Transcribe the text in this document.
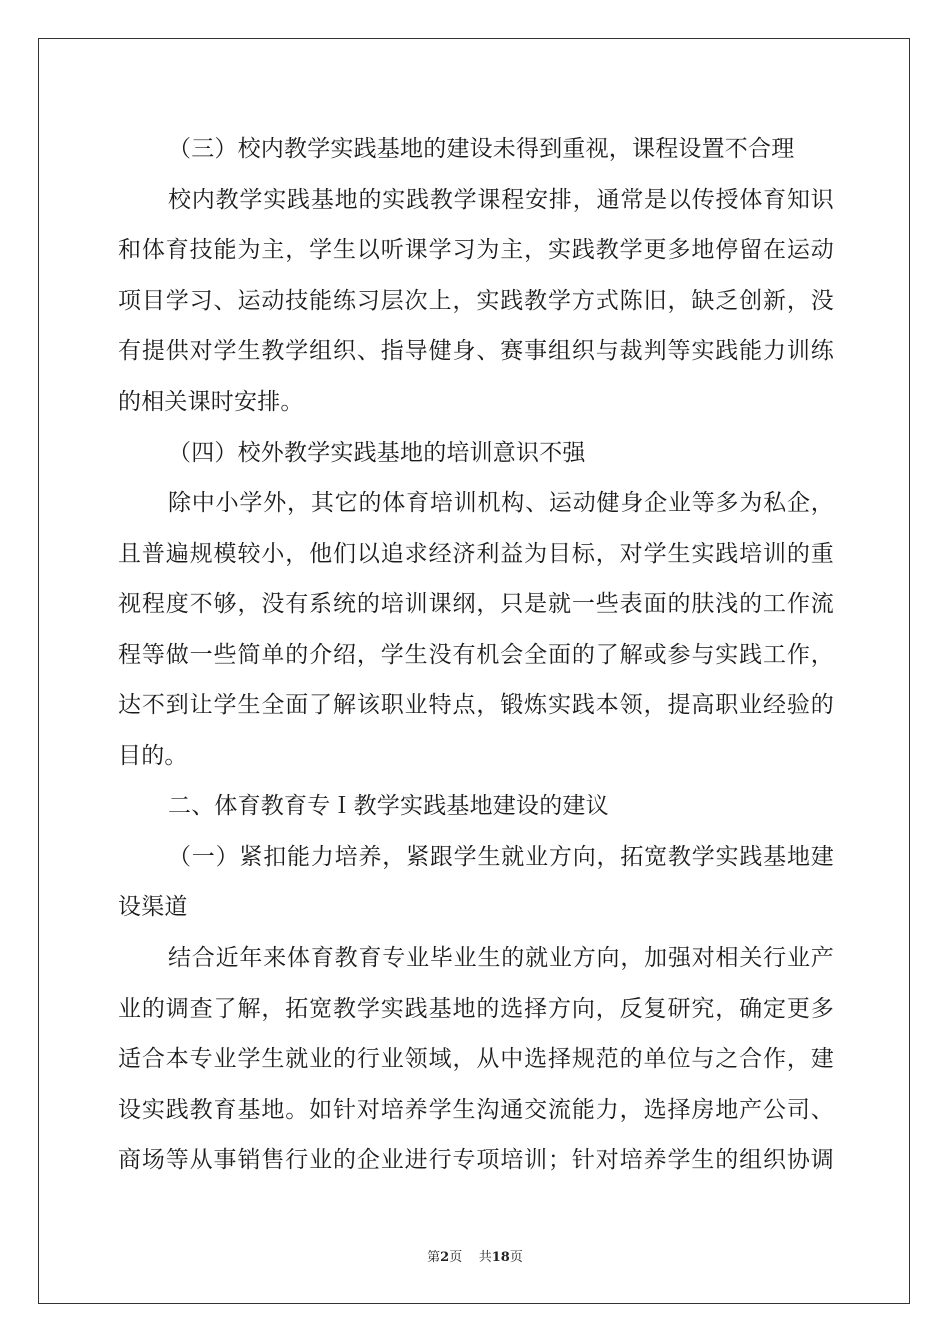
（三）校内教学实践基地的建设未得到重视，课程设置不合理
校内教学实践基地的实践教学课程安排，通常是以传授体育知识
和体育技能为主，学生以听课学习为主，实践教学更多地停留在运动
项目学习、运动技能练习层次上，实践教学方式陈旧，缺乏创新，没
有提供对学生教学组织、指导健身、赛事组织与裁判等实践能力训练
的相关课时安排。
（四）校外教学实践基地的培训意识不强
除中小学外，其它的体育培训机构、运动健身企业等多为私企，
且普遍规模较小，他们以追求经济利益为目标，对学生实践培训的重
视程度不够，没有系统的培训课纲，只是就一些表面的肤浅的工作流
程等做一些简单的介绍，学生没有机会全面的了解或参与实践工作，
达不到让学生全面了解该职业特点，锻炼实践本领，提高职业经验的
目的。
二、体育教育专Ｉ教学实践基地建设的建议
（一）紧扣能力培养，紧跟学生就业方向，拓宽教学实践基地建
设渠道
结合近年来体育教育专业毕业生的就业方向，加强对相关行业产
业的调查了解，拓宽教学实践基地的选择方向，反复研究，确定更多
适合本专业学生就业的行业领域，从中选择规范的单位与之合作，建
设实践教育基地。如针对培养学生沟通交流能力，选择房地产公司、
商场等从事销售行业的企业进行专项培训；针对培养学生的组织协调
第2页 共18页
